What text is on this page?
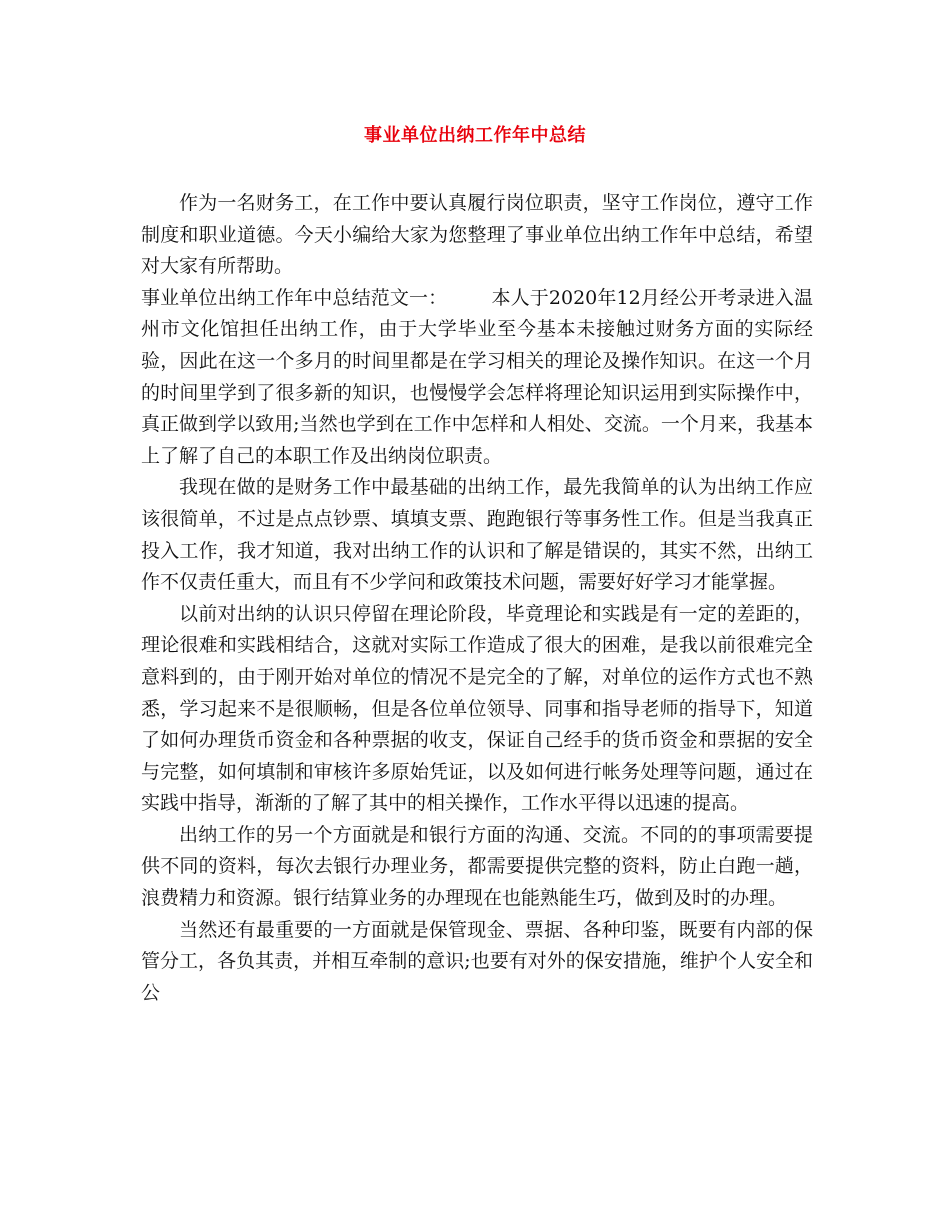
事业单位出纳工作年中总结

作为一名财务工，在工作中要认真履行岗位职责，坚守工作岗位，遵守工作制度和职业道德。今天小编给大家为您整理了事业单位出纳工作年中总结，希望对大家有所帮助。

事业单位出纳工作年中总结范文一： 本人于2020年12月经公开考录进入温州市文化馆担任出纳工作，由于大学毕业至今基本未接触过财务方面的实际经验，因此在这一个多月的时间里都是在学习相关的理论及操作知识。在这一个月的时间里学到了很多新的知识，也慢慢学会怎样将理论知识运用到实际操作中，真正做到学以致用;当然也学到在工作中怎样和人相处、交流。一个月来，我基本上了解了自己的本职工作及出纳岗位职责。

我现在做的是财务工作中最基础的出纳工作，最先我简单的认为出纳工作应该很简单，不过是点点钞票、填填支票、跑跑银行等事务性工作。但是当我真正投入工作，我才知道，我对出纳工作的认识和了解是错误的，其实不然，出纳工作不仅责任重大，而且有不少学问和政策技术问题，需要好好学习才能掌握。

以前对出纳的认识只停留在理论阶段，毕竟理论和实践是有一定的差距的，理论很难和实践相结合，这就对实际工作造成了很大的困难，是我以前很难完全意料到的，由于刚开始对单位的情况不是完全的了解，对单位的运作方式也不熟悉，学习起来不是很顺畅，但是各位单位领导、同事和指导老师的指导下，知道了如何办理货币资金和各种票据的收支，保证自己经手的货币资金和票据的安全与完整，如何填制和审核许多原始凭证，以及如何进行帐务处理等问题，通过在实践中指导，渐渐的了解了其中的相关操作，工作水平得以迅速的提高。

出纳工作的另一个方面就是和银行方面的沟通、交流。不同的的事项需要提供不同的资料，每次去银行办理业务，都需要提供完整的资料，防止白跑一趟，浪费精力和资源。银行结算业务的办理现在也能熟能生巧，做到及时的办理。

当然还有最重要的一方面就是保管现金、票据、各种印鉴，既要有内部的保管分工，各负其责，并相互牵制的意识;也要有对外的保安措施，维护个人安全和公
